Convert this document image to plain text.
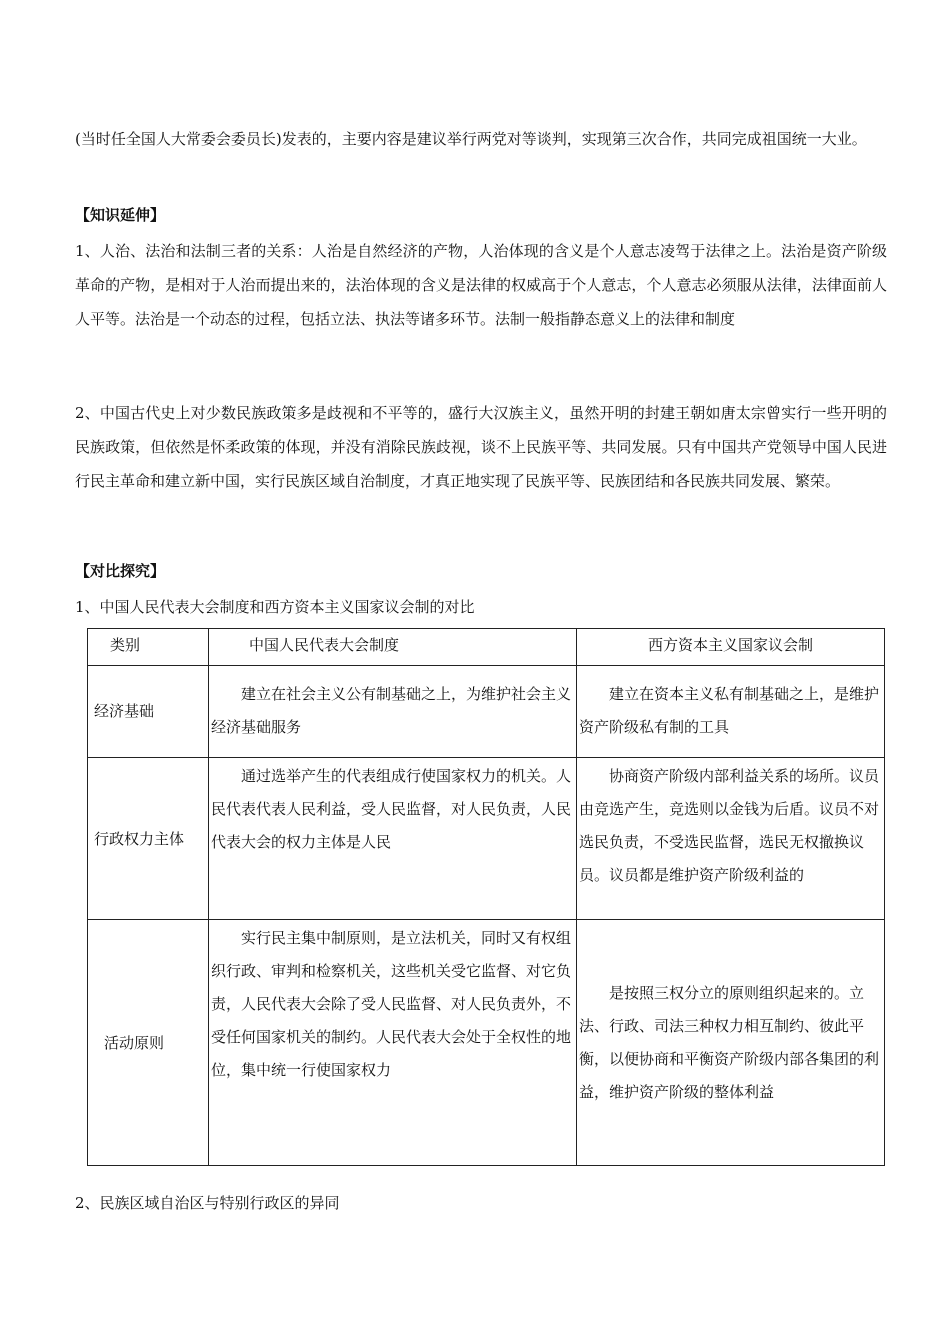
(当时任全国人大常委会委员长)发表的，主要内容是建议举行两党对等谈判，实现第三次合作，共同完成祖国统一大业。

【知识延伸】

1、人治、法治和法制三者的关系：人治是自然经济的产物，人治体现的含义是个人意志凌驾于法律之上。法治是资产阶级革命的产物，是相对于人治而提出来的，法治体现的含义是法律的权威高于个人意志，个人意志必须服从法律，法律面前人人平等。法治是一个动态的过程，包括立法、执法等诸多环节。法制一般指静态意义上的法律和制度

2、中国古代史上对少数民族政策多是歧视和不平等的，盛行大汉族主义，虽然开明的封建王朝如唐太宗曾实行一些开明的民族政策，但依然是怀柔政策的体现，并没有消除民族歧视，谈不上民族平等、共同发展。只有中国共产党领导中国人民进行民主革命和建立新中国，实行民族区域自治制度，才真正地实现了民族平等、民族团结和各民族共同发展、繁荣。

【对比探究】

1、中国人民代表大会制度和西方资本主义国家议会制的对比

类别	中国人民代表大会制度	西方资本主义国家议会制
经济基础	建立在社会主义公有制基础之上，为维护社会主义经济基础服务	建立在资本主义私有制基础之上，是维护资产阶级私有制的工具
行政权力主体	通过选举产生的代表组成行使国家权力的机关。人民代表代表人民利益，受人民监督，对人民负责，人民代表大会的权力主体是人民	协商资产阶级内部利益关系的场所。议员由竞选产生，竞选则以金钱为后盾。议员不对选民负责，不受选民监督，选民无权撤换议员。议员都是维护资产阶级利益的
活动原则	实行民主集中制原则，是立法机关，同时又有权组织行政、审判和检察机关，这些机关受它监督、对它负责，人民代表大会除了受人民监督、对人民负责外，不受任何国家机关的制约。人民代表大会处于全权性的地位，集中统一行使国家权力	是按照三权分立的原则组织起来的。立法、行政、司法三种权力相互制约、彼此平衡，以便协商和平衡资产阶级内部各集团的利益，维护资产阶级的整体利益

2、民族区域自治区与特别行政区的异同
